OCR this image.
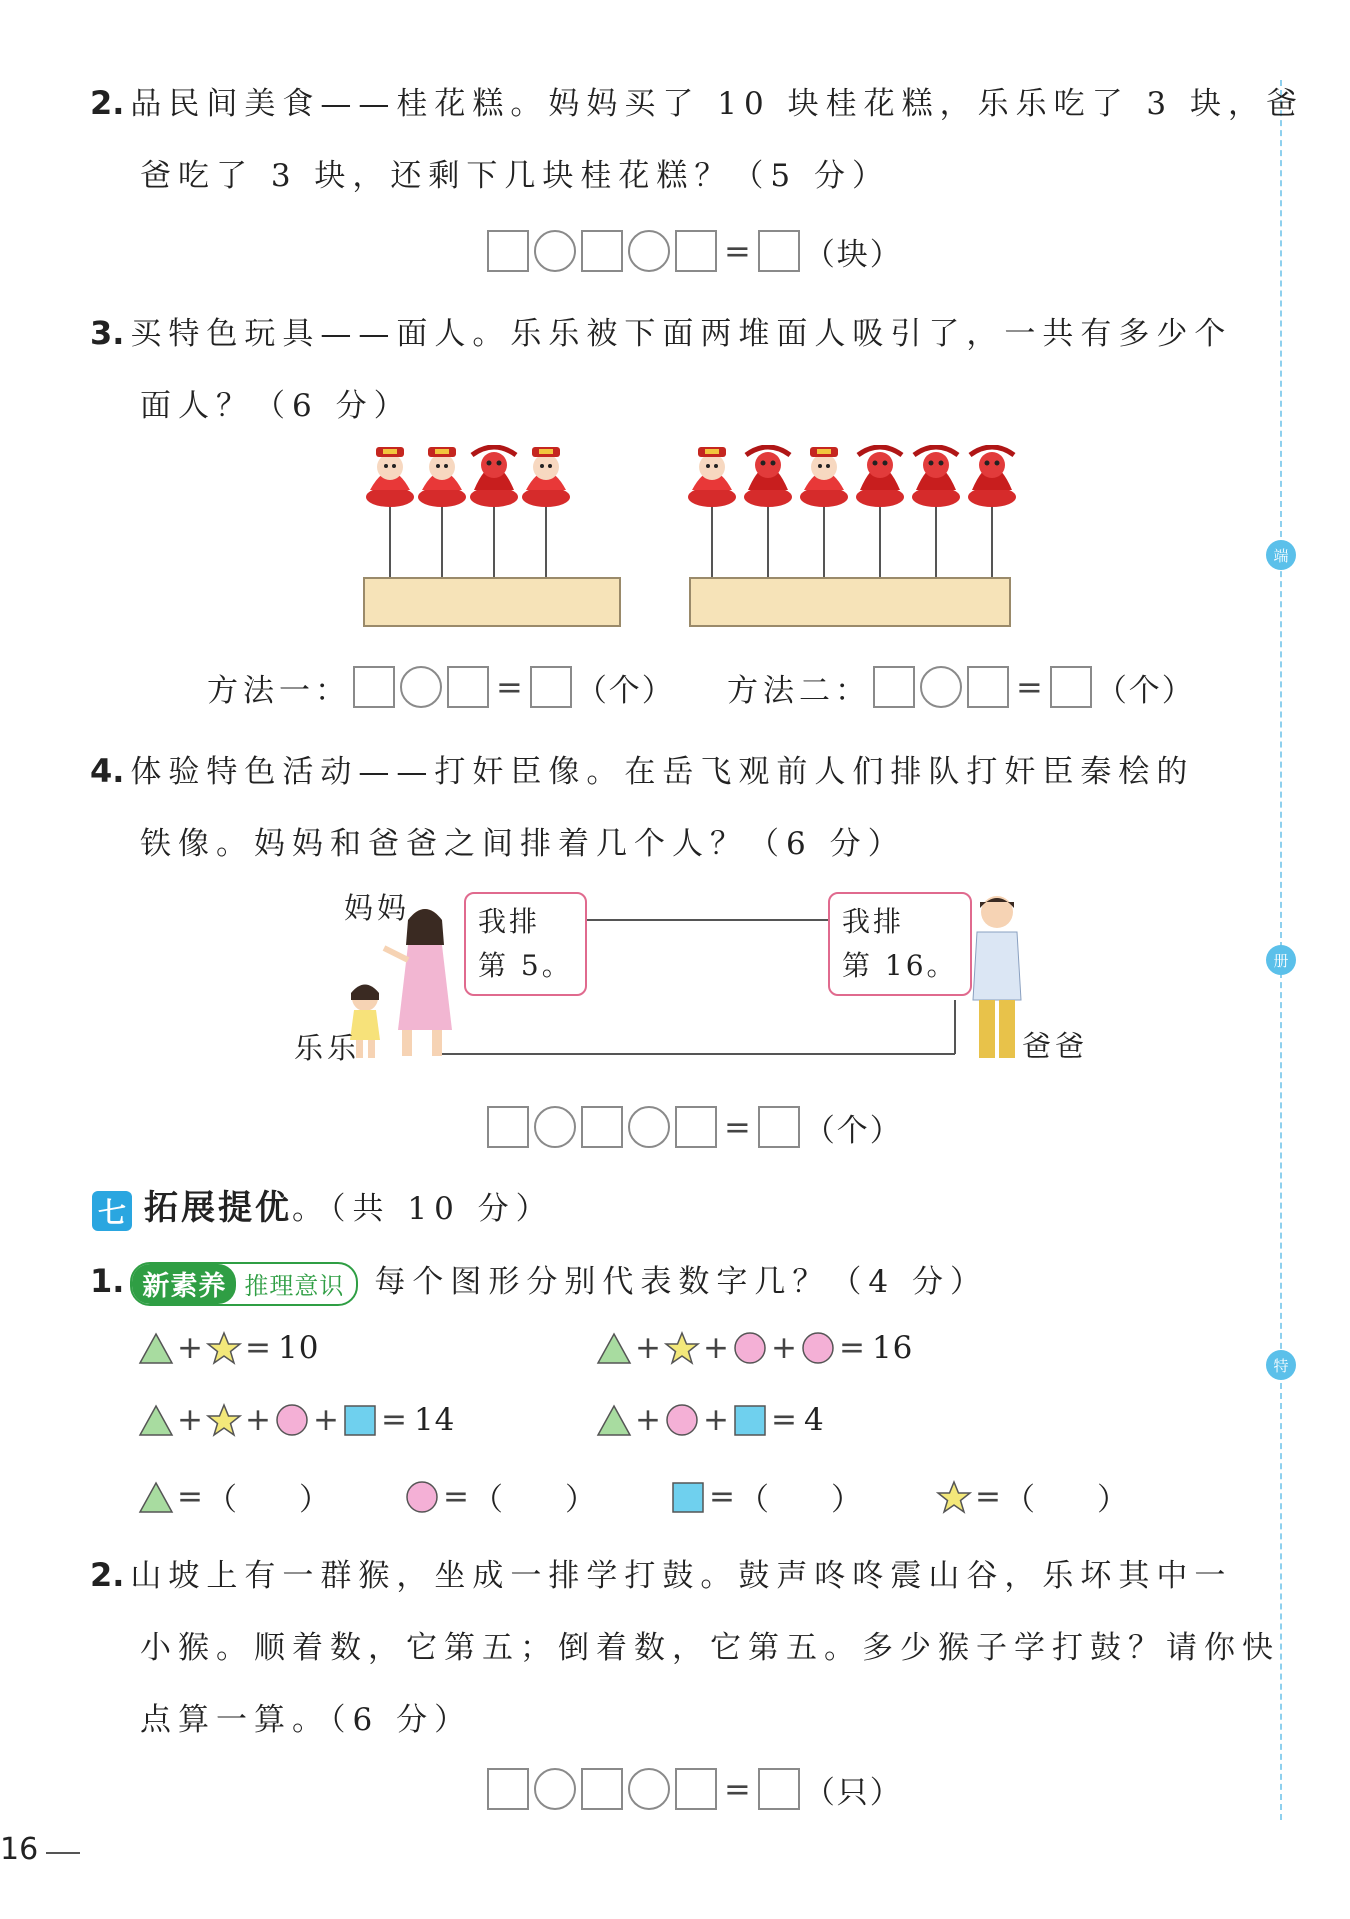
端
册
特
2. 品民间美食——桂花糕。妈妈买了 10 块桂花糕，乐乐吃了 3 块，爸
爸吃了 3 块，还剩下几块桂花糕？（5 分）
= （块）
3. 买特色玩具——面人。乐乐被下面两堆面人吸引了，一共有多少个
面人？（6 分）
方法一：	= （个） 方法二：	= （个）
4. 体验特色活动——打奸臣像。在岳飞观前人们排队打奸臣秦桧的
铁像。妈妈和爸爸之间排着几个人？（6 分）
妈妈
乐乐	爸爸
我排
第 5。
我排
第 16。
= （个）
七 拓展提优。（共 10 分）
1. 新素养 推理意识 每个图形分别代表数字几？（4 分）
+ = 10	+ + + = 16
+ + + = 14	+ + = 4
= （　　）	= （　　）	= （　　）	= （　　）
2. 山坡上有一群猴，坐成一排学打鼓。鼓声咚咚震山谷，乐坏其中一
小猴。顺着数，它第五；倒着数，它第五。多少猴子学打鼓？请你快
点算一算。（6 分）
= （只）
16
